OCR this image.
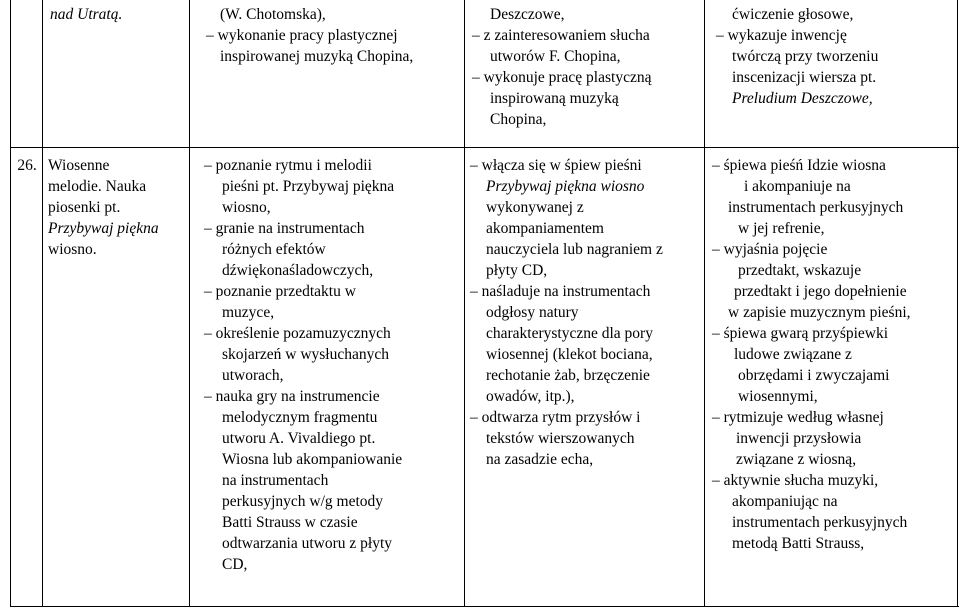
nad Utratą.	(W. Chotomska),
– wykonanie pracy plastycznej
inspirowanej muzyką Chopina,
Deszczowe,
– z zainteresowaniem słucha
utworów F. Chopina,
– wykonuje pracę plastyczną
inspirowaną muzyką
Chopina,
ćwiczenie głosowe,
– wykazuje inwencję
twórczą przy tworzeniu
inscenizacji wiersza pt.
Preludium Deszczowe,
26. Wiosenne
melodie. Nauka
piosenki pt.
Przybywaj piękna
wiosno.
– poznanie rytmu i melodii
pieśni pt. Przybywaj piękna
wiosno,
– granie na instrumentach
różnych efektów
dźwiękonaśladowczych,
– poznanie przedtaktu w
muzyce,
– określenie pozamuzycznych
skojarzeń w wysłuchanych
utworach,
– nauka gry na instrumencie
melodycznym fragmentu
utworu A. Vivaldiego pt.
Wiosna lub akompaniowanie
na instrumentach
perkusyjnych w/g metody
Batti Strauss w czasie
odtwarzania utworu z płyty
CD,
– włącza się w śpiew pieśni
Przybywaj piękna wiosno
wykonywanej z
akompaniamentem
nauczyciela lub nagraniem z
płyty CD,
– naśladuje na instrumentach
odgłosy natury
charakterystyczne dla pory
wiosennej (klekot bociana,
rechotanie żab, brzęczenie
owadów, itp.),
– odtwarza rytm przysłów i
tekstów wierszowanych
na zasadzie echa,
– śpiewa pieśń Idzie wiosna
i akompaniuje na
instrumentach perkusyjnych
w jej refrenie,
– wyjaśnia pojęcie
przedtakt, wskazuje
przedtakt i jego dopełnienie
w zapisie muzycznym pieśni,
– śpiewa gwarą przyśpiewki
ludowe związane z
obrzędami i zwyczajami
wiosennymi,
– rytmizuje według własnej
inwencji przysłowia
związane z wiosną,
– aktywnie słucha muzyki,
akompaniując na
instrumentach perkusyjnych
metodą Batti Strauss,
